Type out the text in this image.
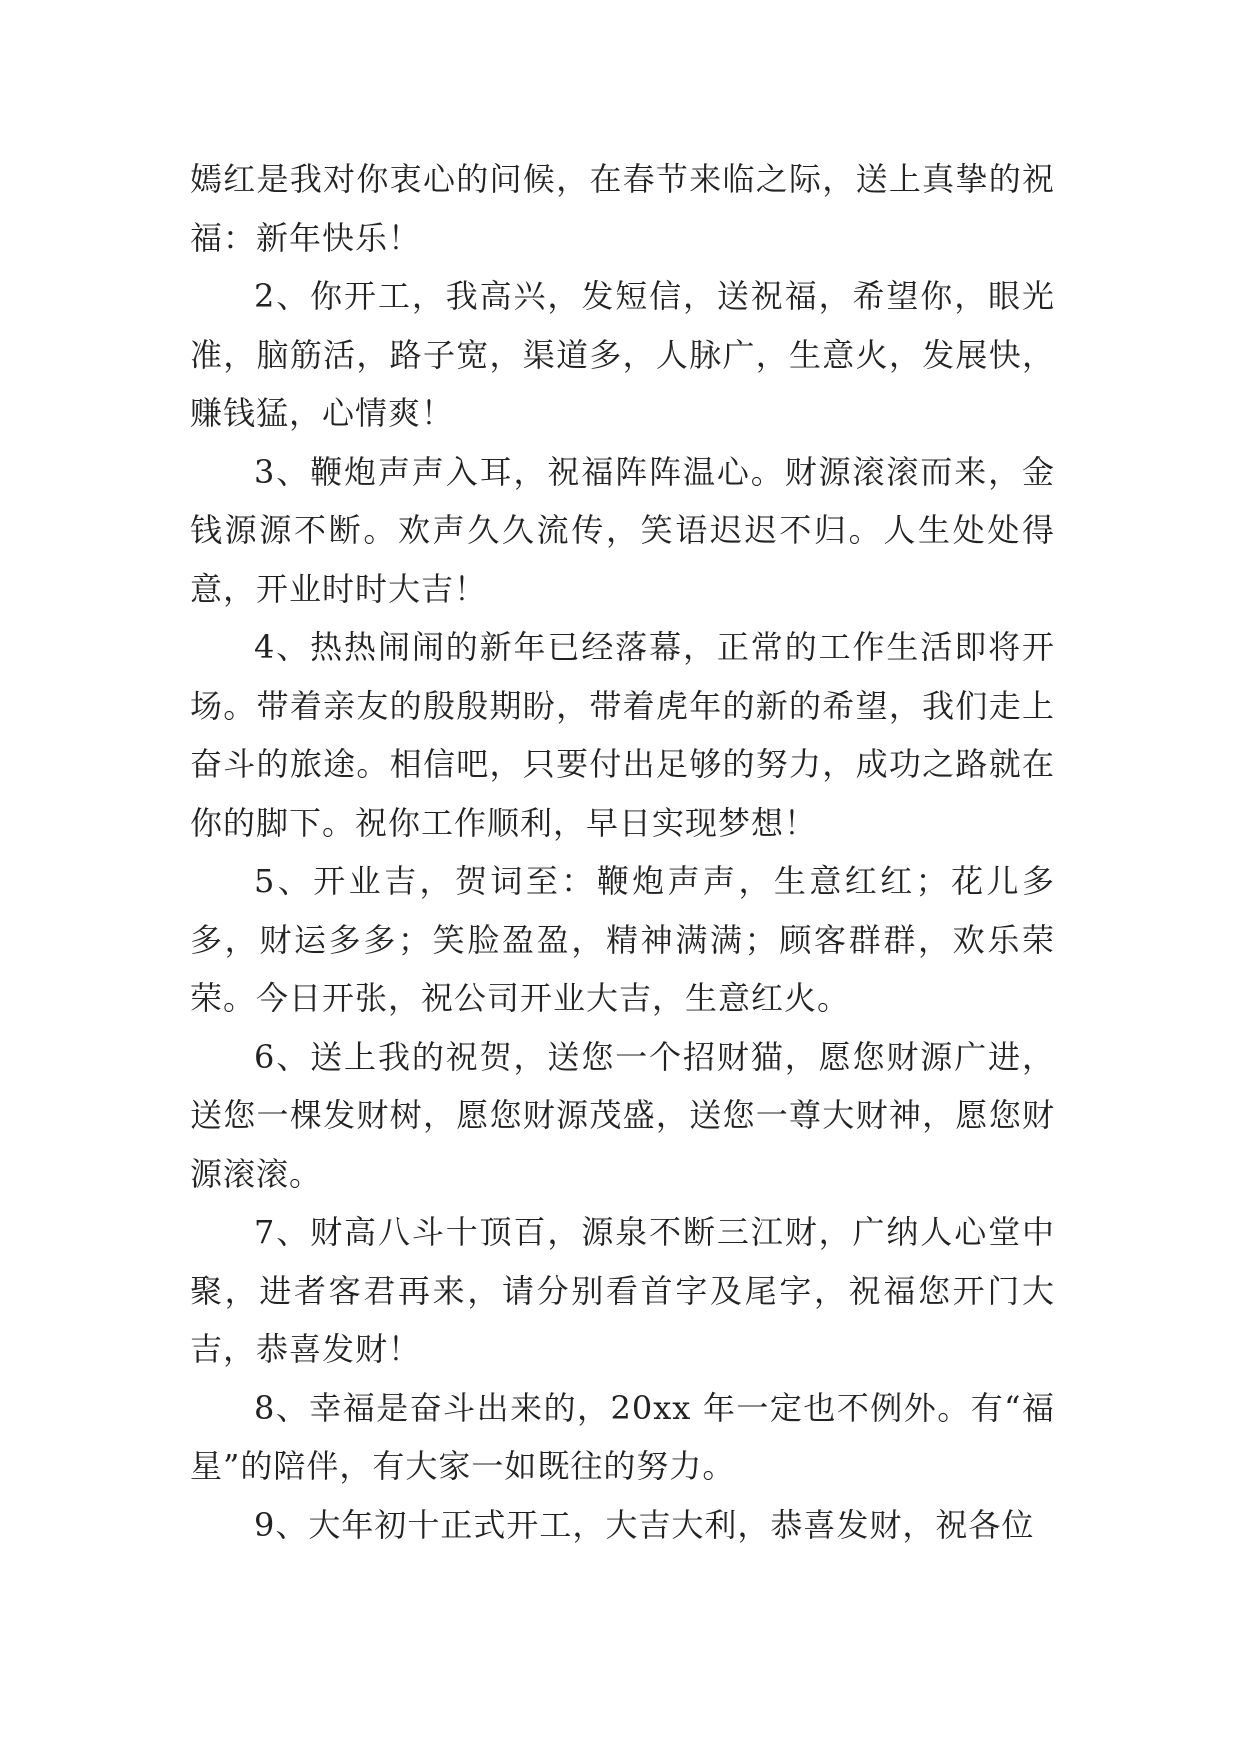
嫣红是我对你衷心的问候，在春节来临之际，送上真挚的祝福：新年快乐！

2、你开工，我高兴，发短信，送祝福，希望你，眼光准，脑筋活，路子宽，渠道多，人脉广，生意火，发展快，赚钱猛，心情爽！

3、鞭炮声声入耳，祝福阵阵温心。财源滚滚而来，金钱源源不断。欢声久久流传，笑语迟迟不归。人生处处得意，开业时时大吉！

4、热热闹闹的新年已经落幕，正常的工作生活即将开场。带着亲友的殷殷期盼，带着虎年的新的希望，我们走上奋斗的旅途。相信吧，只要付出足够的努力，成功之路就在你的脚下。祝你工作顺利，早日实现梦想！

5、开业吉，贺词至：鞭炮声声，生意红红；花儿多多，财运多多；笑脸盈盈，精神满满；顾客群群，欢乐荣荣。今日开张，祝公司开业大吉，生意红火。

6、送上我的祝贺，送您一个招财猫，愿您财源广进，送您一棵发财树，愿您财源茂盛，送您一尊大财神，愿您财源滚滚。

7、财高八斗十顶百，源泉不断三江财，广纳人心堂中聚，进者客君再来，请分别看首字及尾字，祝福您开门大吉，恭喜发财！

8、幸福是奋斗出来的，20xx 年一定也不例外。有“福星”的陪伴，有大家一如既往的努力。

9、大年初十正式开工，大吉大利，恭喜发财，祝各位
